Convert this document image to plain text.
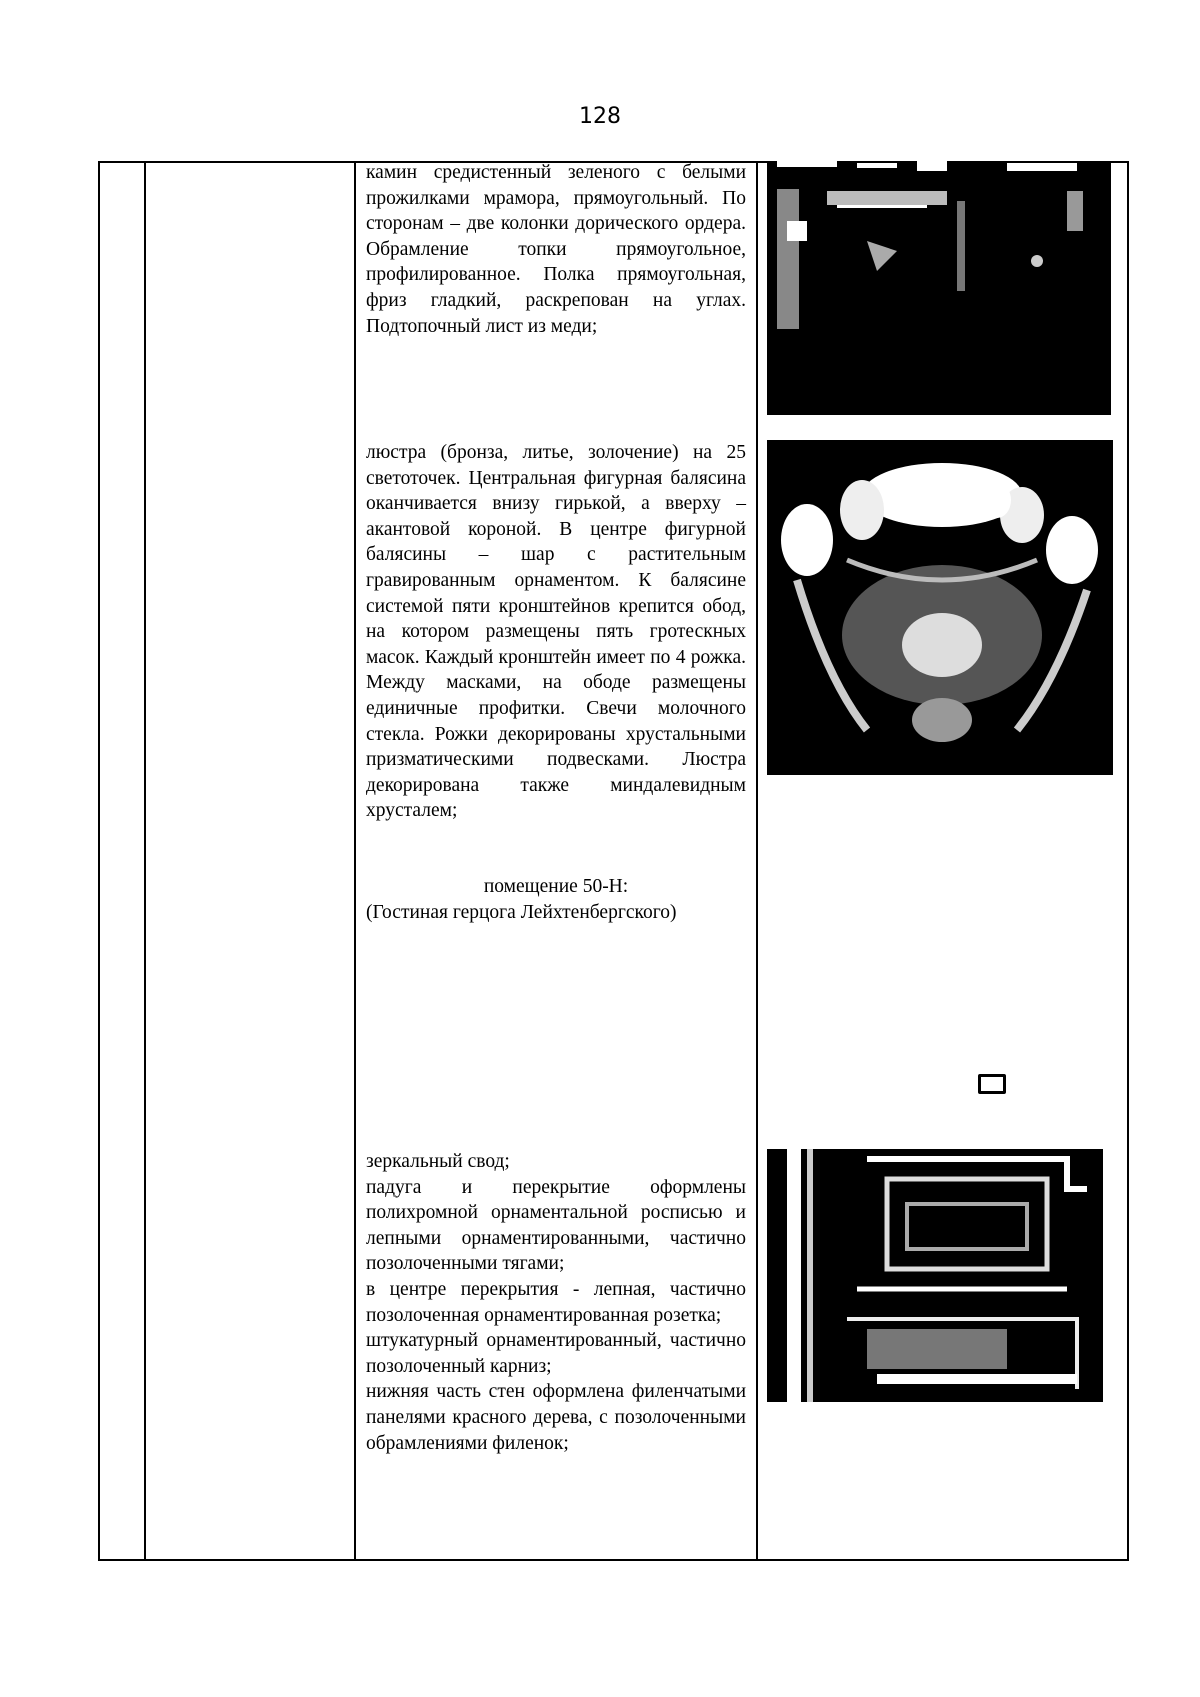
128

камин средистенный зеленого с белыми прожилками мрамора, прямоугольный. По сторонам – две колонки дорического ордера. Обрамление топки прямоугольное, профилированное. Полка прямоугольная, фриз гладкий, раскрепован на углах. Подтопочный лист из меди;

люстра (бронза, литье, золочение) на 25 светоточек. Центральная фигурная балясина оканчивается внизу гирькой, а вверху – акантовой короной. В центре фигурной балясины – шар с растительным гравированным орнаментом. К балясине системой пяти кронштейнов крепится обод, на котором размещены пять гротескных масок. Каждый кронштейн имеет по 4 рожка. Между масками, на ободе размещены единичные профитки. Свечи молочного стекла. Рожки декорированы хрустальными призматическими подвесками. Люстра декорирована также миндалевидным хрусталем;

помещение 50-Н:

(Гостиная герцога Лейхтенбергского)

зеркальный свод;

падуга и перекрытие оформлены полихромной орнаментальной росписью и лепными орнаментированными, частично позолоченными тягами;

в центре перекрытия - лепная, частично позолоченная орнаментированная розетка;

штукатурный орнаментированный, частично позолоченный карниз;

нижняя часть стен оформлена филенчатыми панелями красного дерева, с позолоченными обрамлениями филенок;
